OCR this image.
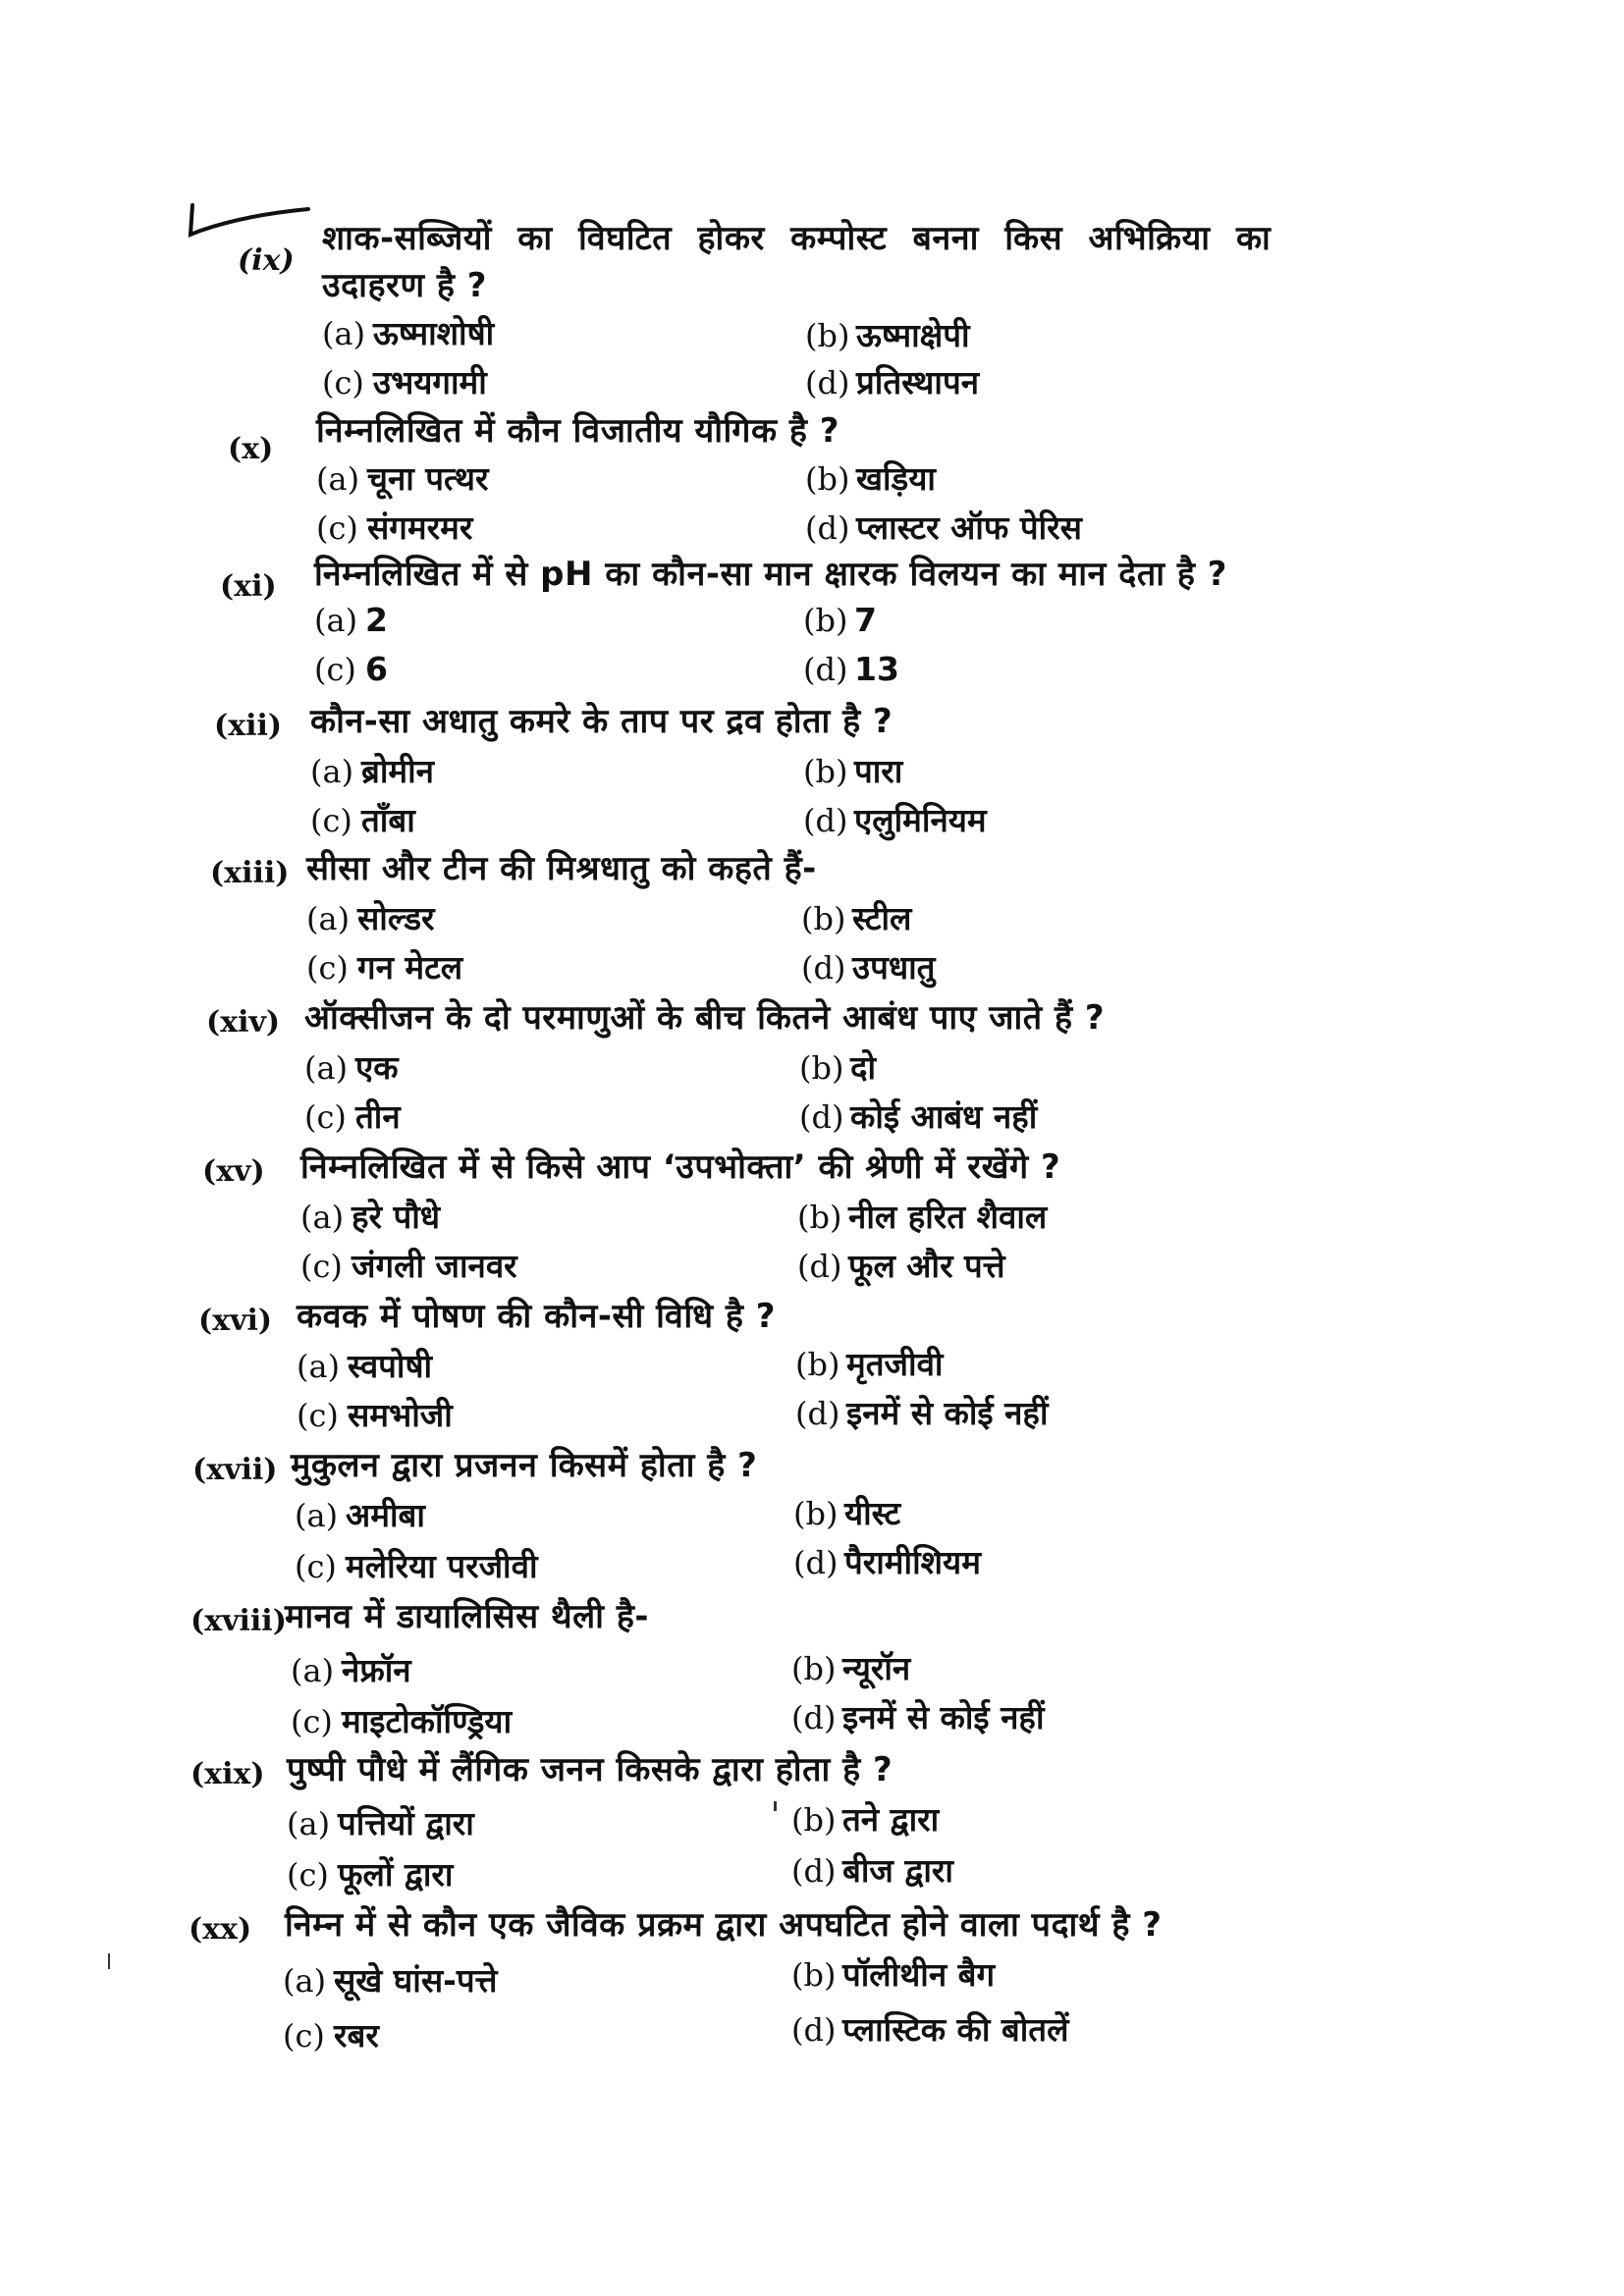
(ix)
शाक-सब्जियों का विघटित होकर कम्पोस्ट बनना किस अभिक्रिया का
उदाहरण है ?
(a) ऊष्माशोषी	(b) ऊष्माक्षेपी
(c) उभयगामी	(d) प्रतिस्थापन
(x) निम्नलिखित में कौन विजातीय यौगिक है ?
(a) चूना पत्थर	(b) खड़िया
(c) संगमरमर	(d) प्लास्टर ऑफ पेरिस
(xi) निम्नलिखित में से pH का कौन-सा मान क्षारक विलयन का मान देता है ?
(a) 2	(b) 7
(c) 6	(d) 13
(xii) कौन-सा अधातु कमरे के ताप पर द्रव होता है ?
(a) ब्रोमीन	(b) पारा
(c) ताँबा	(d) एलुमिनियम
(xiii) सीसा और टीन की मिश्रधातु को कहते हैं-
(a) सोल्डर	(b) स्टील
(c) गन मेटल	(d) उपधातु
(xiv) ऑक्सीजन के दो परमाणुओं के बीच कितने आबंध पाए जाते हैं ?
(a) एक	(b) दो
(c) तीन	(d) कोई आबंध नहीं
(xv) निम्नलिखित में से किसे आप ‘उपभोक्ता’ की श्रेणी में रखेंगे ?
(a) हरे पौधे	(b) नील हरित शैवाल
(c) जंगली जानवर	(d) फूल और पत्ते
(xvi) कवक में पोषण की कौन-सी विधि है ?
(a) स्वपोषी	(b) मृतजीवी
(c) समभोजी	(d) इनमें से कोई नहीं
(xvii) मुकुलन द्वारा प्रजनन किसमें होता है ?
(a) अमीबा	(b) यीस्ट
(c) मलेरिया परजीवी	(d) पैरामीशियम
(xviii)
मानव में डायालिसिस थैली है-
(a) नेफ्रॉन	(b) न्यूरॉन
(c) माइटोकॉण्ड्रिया	(d) इनमें से कोई नहीं
(xix) पुष्पी पौधे में लैंगिक जनन किसके द्वारा होता है ?
(a) पत्तियों द्वारा	(b) तने द्वारा
(c) फूलों द्वारा	(d) बीज द्वारा
(xx) निम्न में से कौन एक जैविक प्रक्रम द्वारा अपघटित होने वाला पदार्थ है ?
(a) सूखे घांस-पत्ते	(b) पॉलीथीन बैग
(c) रबर	(d) प्लास्टिक की बोतलें
